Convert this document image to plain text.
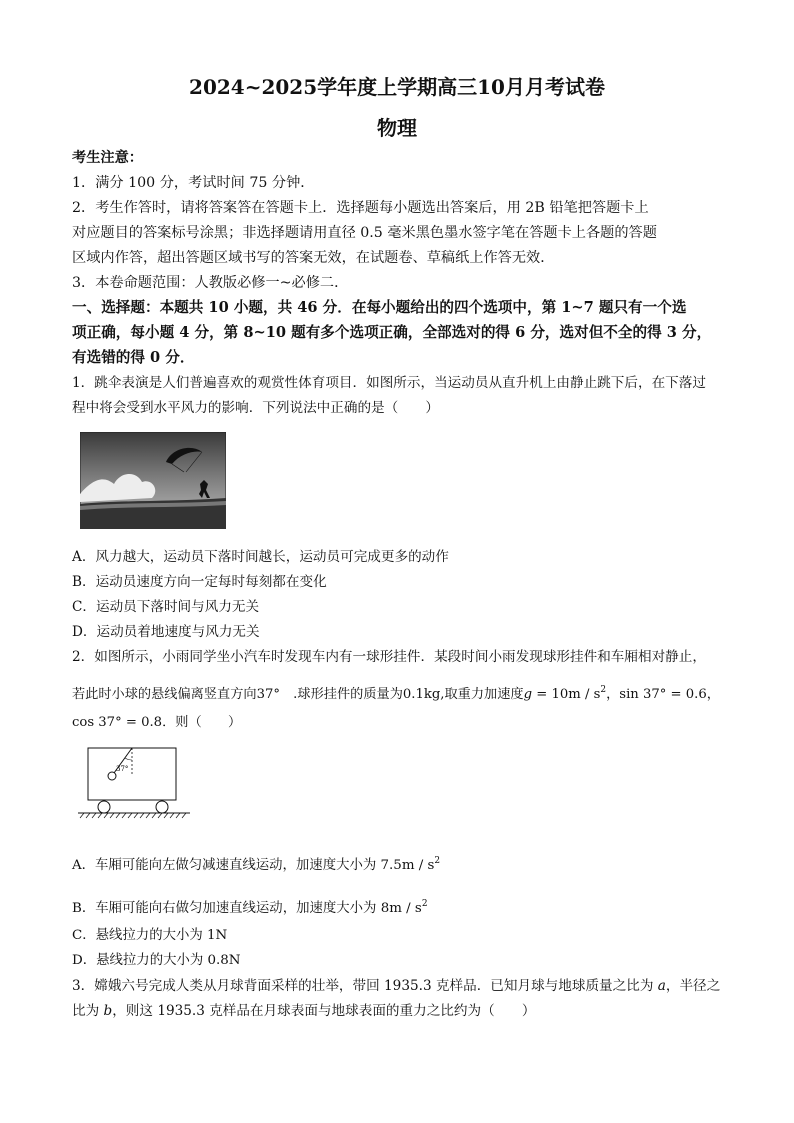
2024~2025学年度上学期高三10月月考试卷
物理
考生注意：
1．满分 100 分，考试时间 75 分钟．
2．考生作答时，请将答案答在答题卡上．选择题每小题选出答案后，用 2B 铅笔把答题卡上
对应题目的答案标号涂黑；非选择题请用直径 0.5 毫米黑色墨水签字笔在答题卡上各题的答题
区域内作答，超出答题区域书写的答案无效，在试题卷、草稿纸上作答无效．
3．本卷命题范围：人教版必修一~必修二．
一、选择题：本题共 10 小题，共 46 分．在每小题给出的四个选项中，第 1~7 题只有一个选
项正确，每小题 4 分，第 8~10 题有多个选项正确，全部选对的得 6 分，选对但不全的得 3 分，
有选错的得 0 分．
1．跳伞表演是人们普遍喜欢的观赏性体育项目．如图所示，当运动员从直升机上由静止跳下后，在下落过
程中将会受到水平风力的影响．下列说法中正确的是（　　）
A．风力越大，运动员下落时间越长，运动员可完成更多的动作
B．运动员速度方向一定每时每刻都在变化
C．运动员下落时间与风力无关
D．运动员着地速度与风力无关
2．如图所示，小雨同学坐小汽车时发现车内有一球形挂件．某段时间小雨发现球形挂件和车厢相对静止，
若此时小球的悬线偏离竖直方向37°　.球形挂件的质量为0.1kg,取重力加速度$g = 10m / s^2$，sin 37° = 0.6，
cos 37° = 0.8．则（　　）
37°
A．车厢可能向左做匀减速直线运动，加速度大小为 $7.5m / s^2$
B．车厢可能向右做匀加速直线运动，加速度大小为 $8m / s^2$
C．悬线拉力的大小为 1N
D．悬线拉力的大小为 0.8N
3．嫦娥六号完成人类从月球背面采样的壮举，带回 1935.3 克样品．已知月球与地球质量之比为 a，半径之
比为 b，则这 1935.3 克样品在月球表面与地球表面的重力之比约为（　　）
